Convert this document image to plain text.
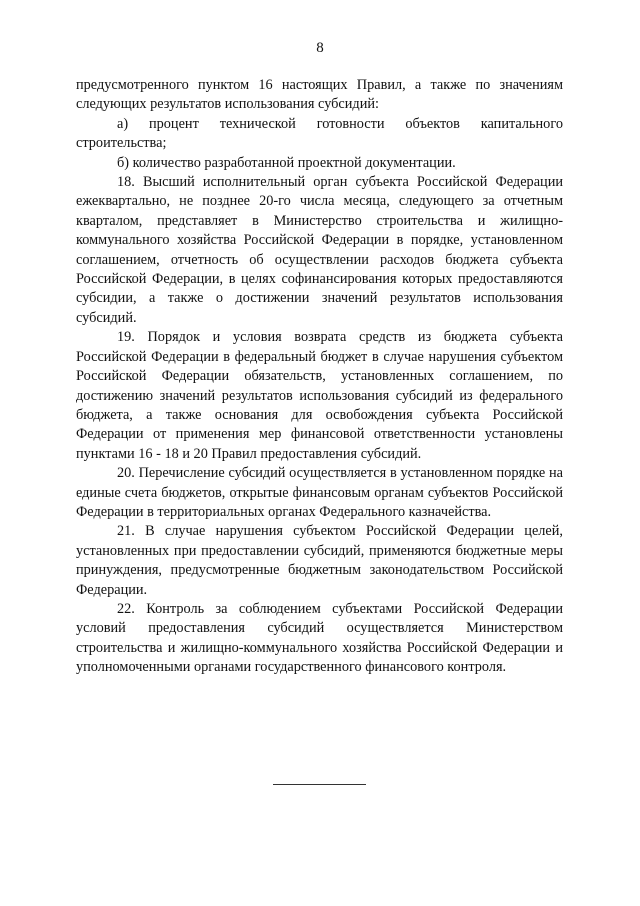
8

предусмотренного пунктом 16 настоящих Правил, а также по значениям следующих результатов использования субсидий:

а) процент технической готовности объектов капитального строительства;

б) количество разработанной проектной документации.

18. Высший исполнительный орган субъекта Российской Федерации ежеквартально, не позднее 20-го числа месяца, следующего за отчетным кварталом, представляет в Министерство строительства и жилищно-коммунального хозяйства Российской Федерации в порядке, установленном соглашением, отчетность об осуществлении расходов бюджета субъекта Российской Федерации, в целях софинансирования которых предоставляются субсидии, а также о достижении значений результатов использования субсидий.

19. Порядок и условия возврата средств из бюджета субъекта Российской Федерации в федеральный бюджет в случае нарушения субъектом Российской Федерации обязательств, установленных соглашением, по достижению значений результатов использования субсидий из федерального бюджета, а также основания для освобождения субъекта Российской Федерации от применения мер финансовой ответственности установлены пунктами 16 - 18 и 20 Правил предоставления субсидий.

20. Перечисление субсидий осуществляется в установленном порядке на единые счета бюджетов, открытые финансовым органам субъектов Российской Федерации в территориальных органах Федерального казначейства.

21. В случае нарушения субъектом Российской Федерации целей, установленных при предоставлении субсидий, применяются бюджетные меры принуждения, предусмотренные бюджетным законодательством Российской Федерации.

22. Контроль за соблюдением субъектами Российской Федерации условий предоставления субсидий осуществляется Министерством строительства и жилищно-коммунального хозяйства Российской Федерации и уполномоченными органами государственного финансового контроля.
